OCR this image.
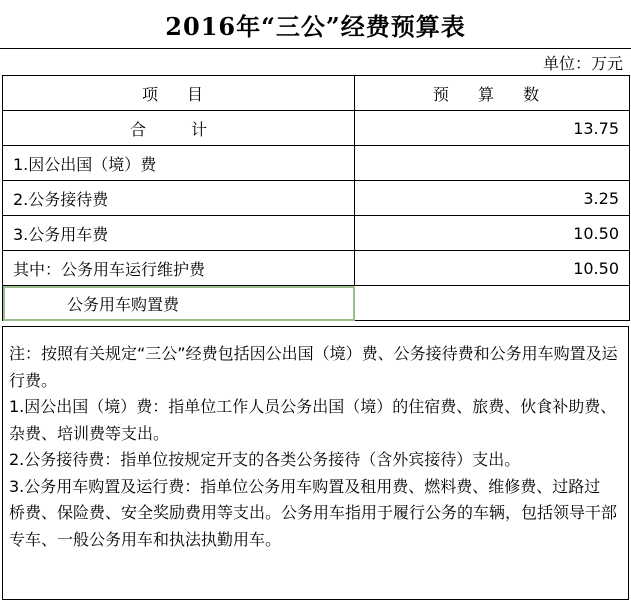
2016年“三公”经费预算表
单位：万元
项 目	预 算 数
合 计	13.75
1.因公出国（境）费	
2.公务接待费	3.25
3.公务用车费	10.50
其中：公务用车运行维护费	10.50
公务用车购置费	

注：按照有关规定“三公”经费包括因公出国（境）费、公务接待费和公务用车购置及运行费。

1.因公出国（境）费：指单位工作人员公务出国（境）的住宿费、旅费、伙食补助费、杂费、培训费等支出。

2.公务接待费：指单位按规定开支的各类公务接待（含外宾接待）支出。

3.公务用车购置及运行费：指单位公务用车购置及租用费、燃料费、维修费、过路过 桥费、保险费、安全奖励费用等支出。公务用车指用于履行公务的车辆，包括领导干部专车、一般公务用车和执法执勤用车。
